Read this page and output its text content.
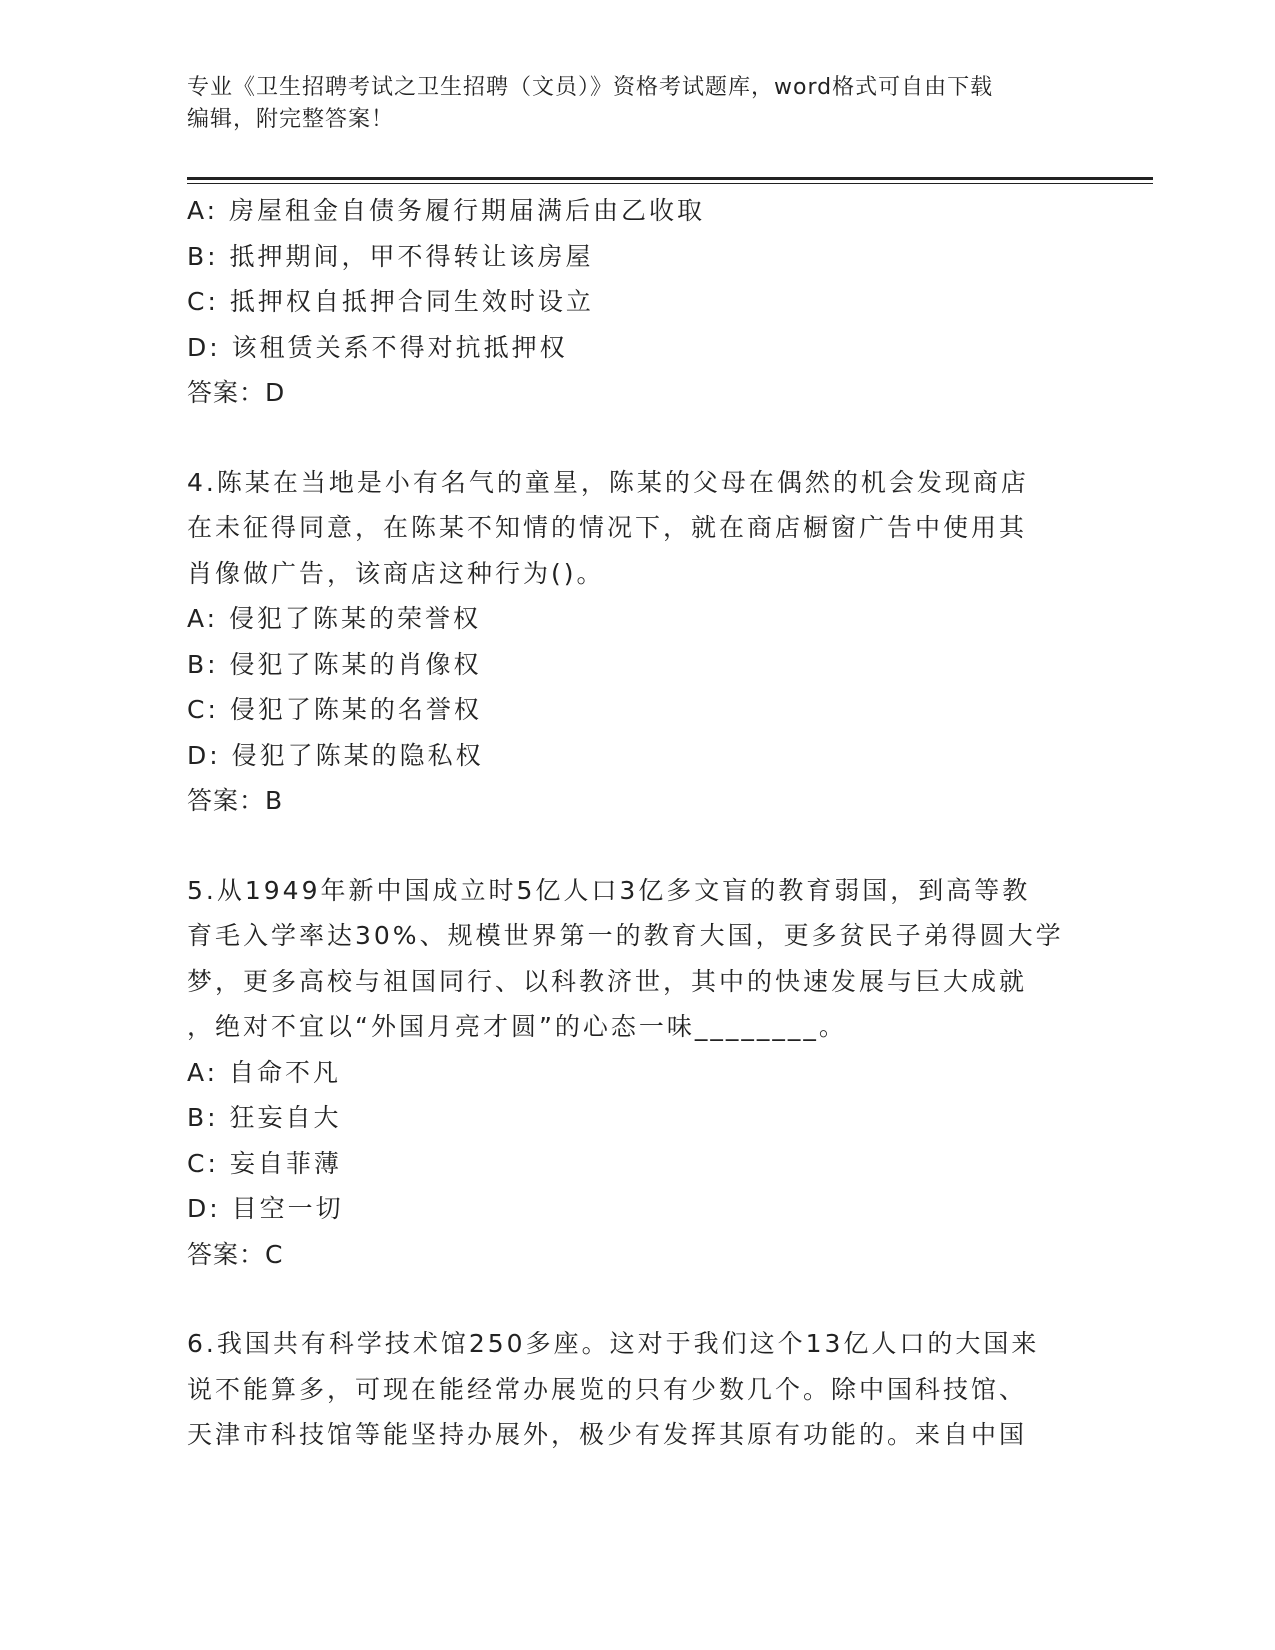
专业《卫生招聘考试之卫生招聘（文员）》资格考试题库，word格式可自由下载
编辑，附完整答案！
A: 房屋租金自债务履行期届满后由乙收取
B: 抵押期间，甲不得转让该房屋
C: 抵押权自抵押合同生效时设立
D: 该租赁关系不得对抗抵押权
答案：D
4.陈某在当地是小有名气的童星，陈某的父母在偶然的机会发现商店
在未征得同意，在陈某不知情的情况下，就在商店橱窗广告中使用其
肖像做广告，该商店这种行为()。
A: 侵犯了陈某的荣誉权
B: 侵犯了陈某的肖像权
C: 侵犯了陈某的名誉权
D: 侵犯了陈某的隐私权
答案：B
5.从1949年新中国成立时5亿人口3亿多文盲的教育弱国，到高等教
育毛入学率达30%、规模世界第一的教育大国，更多贫民子弟得圆大学
梦，更多高校与祖国同行、以科教济世，其中的快速发展与巨大成就
，绝对不宜以“外国月亮才圆”的心态一味________。
A: 自命不凡
B: 狂妄自大
C: 妄自菲薄
D: 目空一切
答案：C
6.我国共有科学技术馆250多座。这对于我们这个13亿人口的大国来
说不能算多，可现在能经常办展览的只有少数几个。除中国科技馆、
天津市科技馆等能坚持办展外，极少有发挥其原有功能的。来自中国
